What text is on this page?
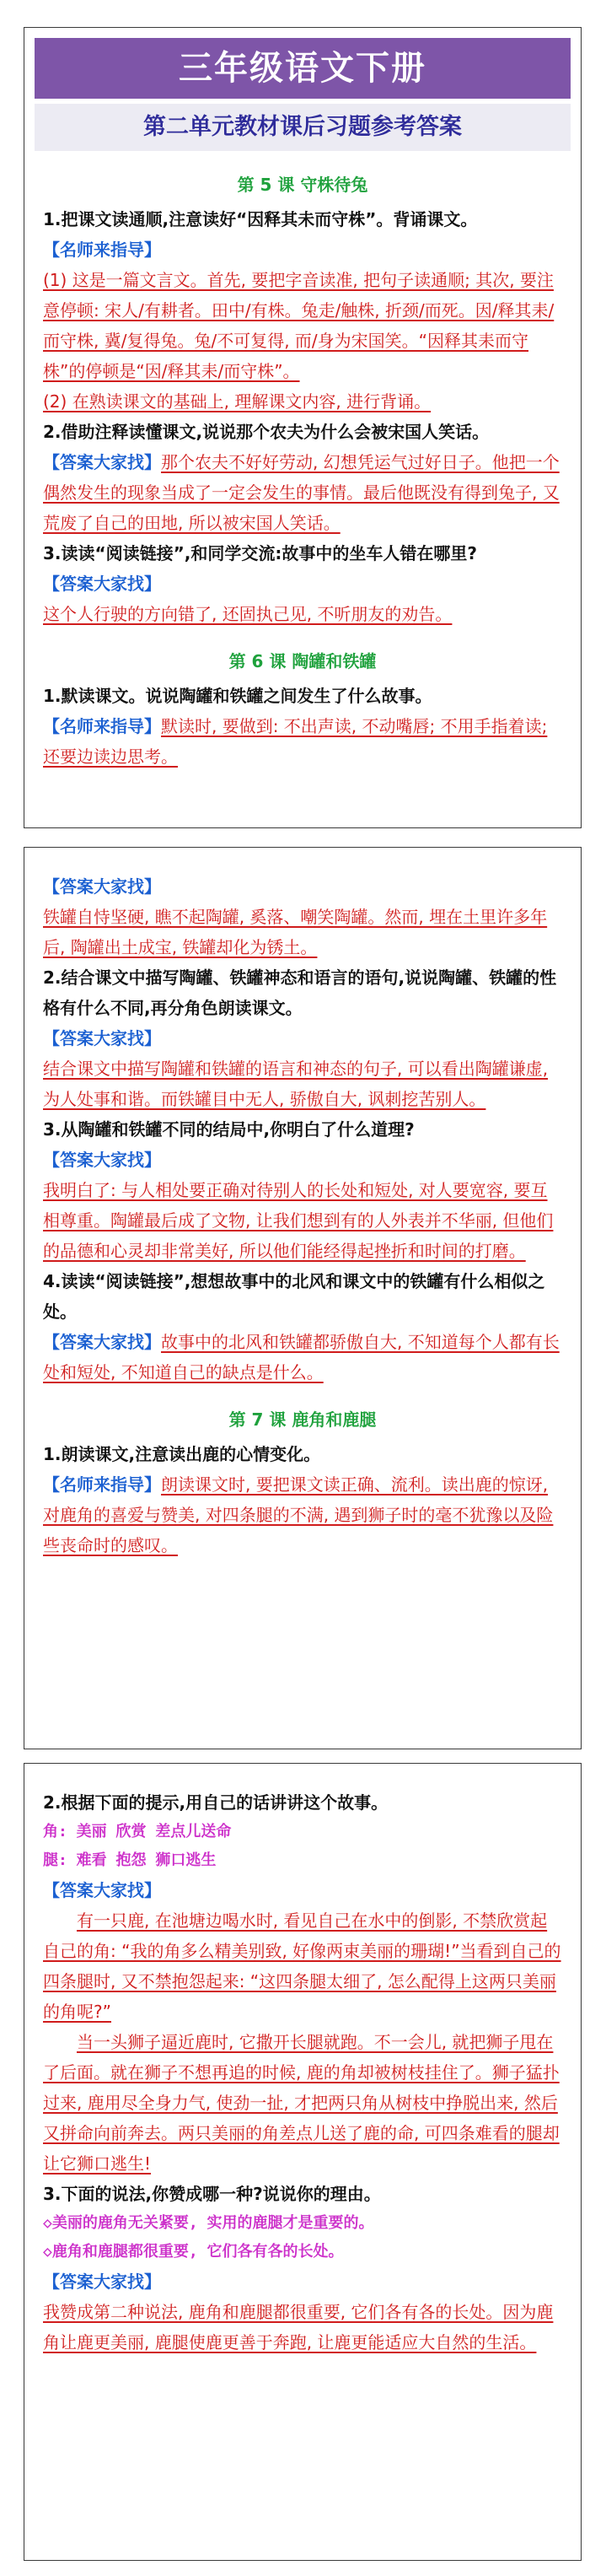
三年级语文下册
第二单元教材课后习题参考答案
第 5 课 守株待兔

1.把课文读通顺,注意读好“因释其未而守株”。背诵课文。

【名师来指导】

(1) 这是一篇文言文。首先, 要把字音读准, 把句子读通顺; 其次, 要注意停顿: 宋人/有耕者。田中/有株。兔走/触株, 折颈/而死。因/释其耒/而守株, 冀/复得兔。兔/不可复得, 而/身为宋国笑。“因释其耒而守株”的停顿是“因/释其耒/而守株”。

(2) 在熟读课文的基础上, 理解课文内容, 进行背诵。

2.借助注释读懂课文,说说那个农夫为什么会被宋国人笑话。

【答案大家找】那个农夫不好好劳动, 幻想凭运气过好日子。他把一个偶然发生的现象当成了一定会发生的事情。最后他既没有得到兔子, 又荒废了自己的田地, 所以被宋国人笑话。

3.读读“阅读链接”,和同学交流:故事中的坐车人错在哪里?

【答案大家找】

这个人行驶的方向错了, 还固执己见, 不听朋友的劝告。

第 6 课 陶罐和铁罐

1.默读课文。说说陶罐和铁罐之间发生了什么故事。

【名师来指导】默读时, 要做到: 不出声读, 不动嘴唇; 不用手指着读; 还要边读边思考。

【答案大家找】

铁罐自恃坚硬, 瞧不起陶罐, 奚落、嘲笑陶罐。然而, 埋在土里许多年后, 陶罐出土成宝, 铁罐却化为锈土。

2.结合课文中描写陶罐、铁罐神态和语言的语句,说说陶罐、铁罐的性格有什么不同,再分角色朗读课文。

【答案大家找】

结合课文中描写陶罐和铁罐的语言和神态的句子, 可以看出陶罐谦虚, 为人处事和谐。而铁罐目中无人, 骄傲自大, 讽刺挖苦别人。

3.从陶罐和铁罐不同的结局中,你明白了什么道理?

【答案大家找】

我明白了: 与人相处要正确对待别人的长处和短处, 对人要宽容, 要互相尊重。陶罐最后成了文物, 让我们想到有的人外表并不华丽, 但他们的品德和心灵却非常美好, 所以他们能经得起挫折和时间的打磨。

4.读读“阅读链接”,想想故事中的北风和课文中的铁罐有什么相似之处。

【答案大家找】故事中的北风和铁罐都骄傲自大, 不知道每个人都有长处和短处, 不知道自己的缺点是什么。

第 7 课 鹿角和鹿腿

1.朗读课文,注意读出鹿的心情变化。

【名师来指导】朗读课文时, 要把课文读正确、流利。读出鹿的惊讶, 对鹿角的喜爱与赞美, 对四条腿的不满, 遇到狮子时的毫不犹豫以及险些丧命时的感叹。

2.根据下面的提示,用自己的话讲讲这个故事。

角: 美丽 欣赏 差点儿送命

腿: 难看 抱怨 狮口逃生

【答案大家找】

有一只鹿, 在池塘边喝水时, 看见自己在水中的倒影, 不禁欣赏起自己的角: “我的角多么精美别致, 好像两束美丽的珊瑚!”当看到自己的四条腿时, 又不禁抱怨起来: “这四条腿太细了, 怎么配得上这两只美丽的角呢?”

当一头狮子逼近鹿时, 它撒开长腿就跑。不一会儿, 就把狮子甩在了后面。就在狮子不想再追的时候, 鹿的角却被树枝挂住了。狮子猛扑过来, 鹿用尽全身力气, 使劲一扯, 才把两只角从树枝中挣脱出来, 然后又拼命向前奔去。两只美丽的角差点儿送了鹿的命, 可四条难看的腿却让它狮口逃生!

3.下面的说法,你赞成哪一种?说说你的理由。

◇美丽的鹿角无关紧要, 实用的鹿腿才是重要的。

◇鹿角和鹿腿都很重要, 它们各有各的长处。

【答案大家找】

我赞成第二种说法, 鹿角和鹿腿都很重要, 它们各有各的长处。因为鹿角让鹿更美丽, 鹿腿使鹿更善于奔跑, 让鹿更能适应大自然的生活。
